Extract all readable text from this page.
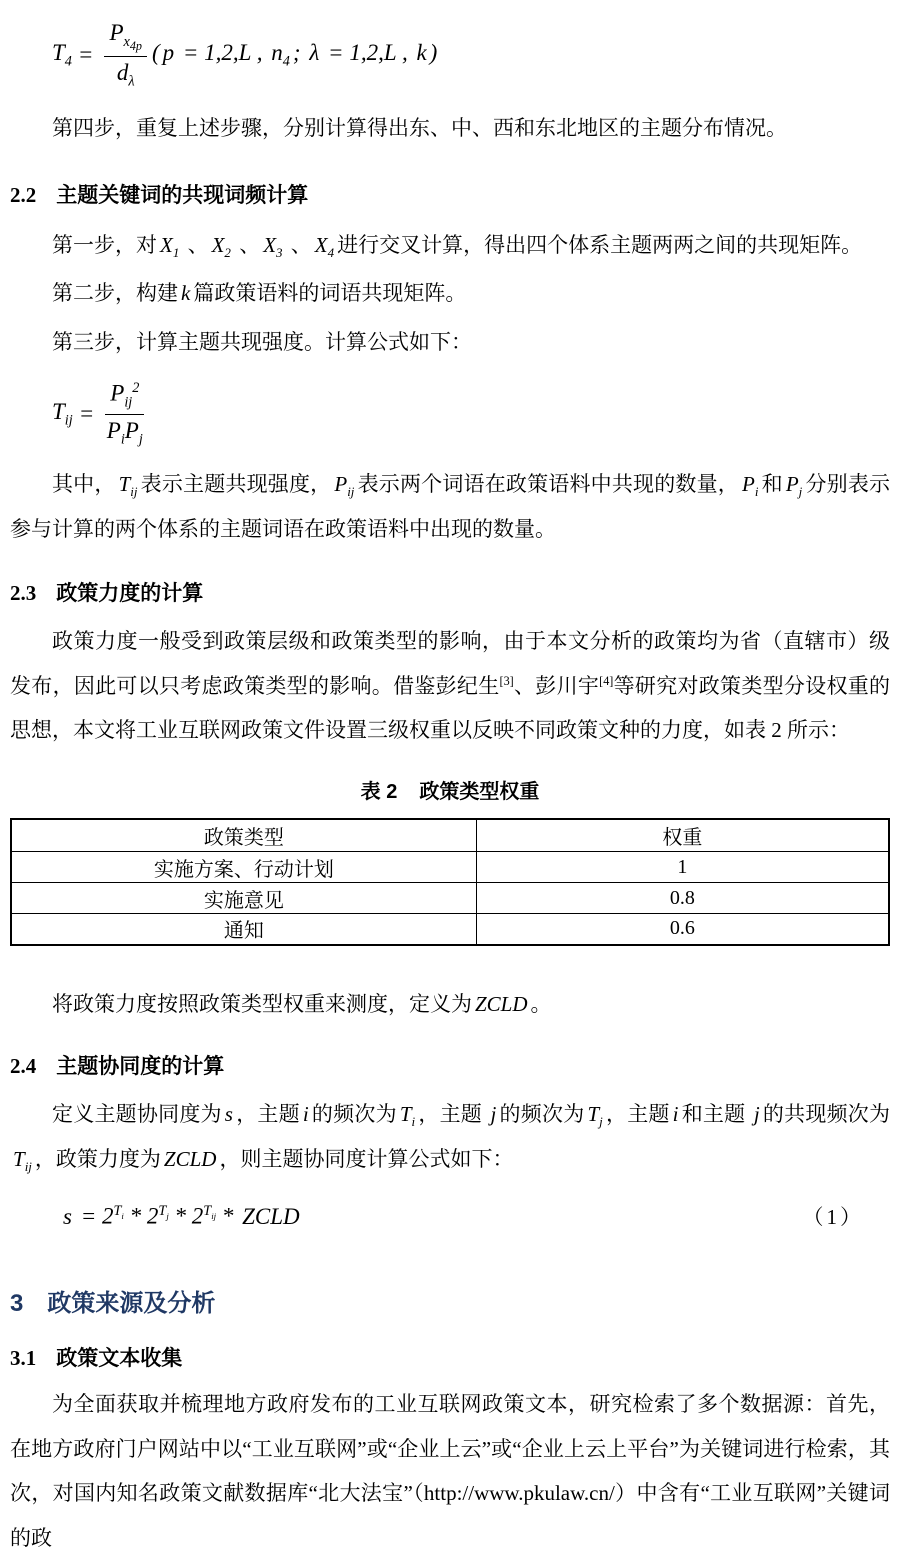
$T_4 = \frac{P_{x_{4p}}}{d_\lambda}$ ( p = 1,2,L , $n_4$ ; λ = 1,2,L , k )

第四步，重复上述步骤，分别计算得出东、中、西和东北地区的主题分布情况。

2.2 主题关键词的共现词频计算

第一步，对 $X_1$ 、 $X_2$ 、 $X_3$ 、 $X_4$ 进行交叉计算，得出四个体系主题两两之间的共现矩阵。

第二步，构建 k 篇政策语料的词语共现矩阵。

第三步，计算主题共现强度。计算公式如下：

$T_{ij} = \frac{P_{ij}^2}{P_iP_j}$

其中， $T_{ij}$ 表示主题共现强度， $P_{ij}$ 表示两个词语在政策语料中共现的数量， $P_i$ 和 $P_j$ 分别表示参与计算的两个体系的主题词语在政策语料中出现的数量。

2.3 政策力度的计算

政策力度一般受到政策层级和政策类型的影响，由于本文分析的政策均为省（直辖市）级发布，因此可以只考虑政策类型的影响。借鉴彭纪生[3]、彭川宇[4]等研究对政策类型分设权重的思想，本文将工业互联网政策文件设置三级权重以反映不同政策文种的力度，如表 2 所示：

表 2 政策类型权重
政策类型	权重
实施方案、行动计划	1
实施意见	0.8
通知	0.6

将政策力度按照政策类型权重来测度，定义为 ZCLD 。

2.4 主题协同度的计算

定义主题协同度为 s ，主题 i 的频次为 $T_i$ ，主题 j 的频次为 $T_j$ ，主题 i 和主题 j 的共现频次为$T_{ij}$ ，政策力度为 ZCLD ，则主题协同度计算公式如下：

$s = 2^{T_i} * 2^{T_j} * 2^{T_{ij}}$ * ZCLD	（1）
3 政策来源及分析
3.1 政策文本收集

为全面获取并梳理地方政府发布的工业互联网政策文本，研究检索了多个数据源：首先，在地方政府门户网站中以“工业互联网”或“企业上云”或“企业上云上平台”为关键词进行检索，其次，对国内知名政策文献数据库“北大法宝”（http://www.pkulaw.cn/）中含有“工业互联网”关键词的政
